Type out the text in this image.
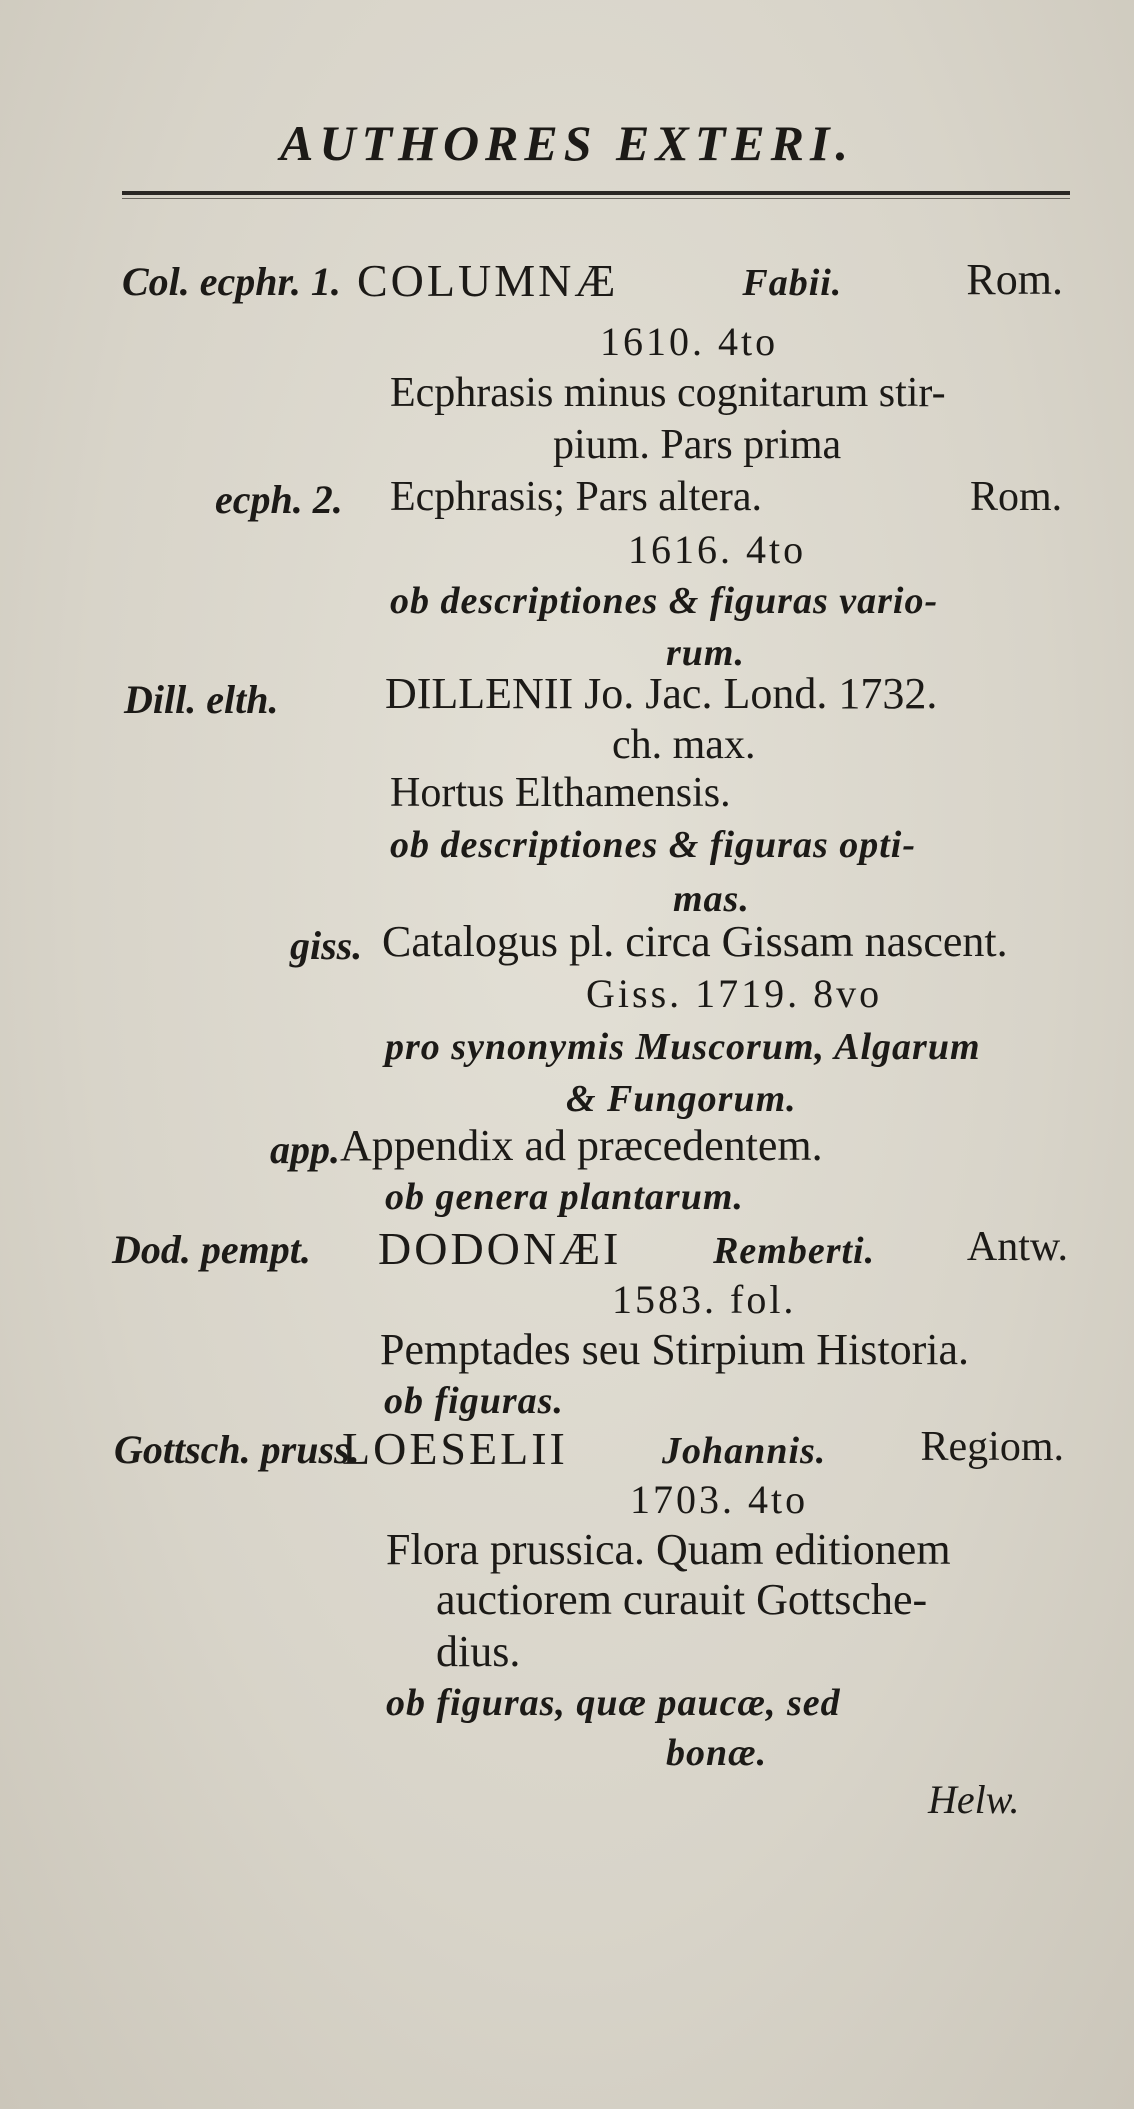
AUTHORES EXTERI.
Col. ecphr. 1. COLUMNÆ	Fabii.	Rom.
1610. 4to
Ecphrasis minus cognitarum stir-
pium. Pars prima
ecph. 2. Ecphrasis; Pars altera.	Rom.
1616. 4to
ob descriptiones & figuras vario-
rum.
Dill. elth. DILLENII Jo. Jac. Lond. 1732.
ch. max.
Hortus Elthamensis.
ob descriptiones & figuras opti-
mas.
giss. Catalogus pl. circa Gissam nascent.
Giss. 1719. 8vo
pro synonymis Muscorum, Algarum
& Fungorum.
app. Appendix ad præcedentem.
ob genera plantarum.
Dod. pempt. DODONÆI Remberti. Antw.
1583. fol.
Pemptades seu Stirpium Historia.
ob figuras.
Gottsch. pruss.
LOESELII Johannis. Regiom.
1703. 4to
Flora prussica. Quam editionem
auctiorem curauit Gottsche-
dius.
ob figuras, quæ paucæ, sed
bonæ.
Helw.
